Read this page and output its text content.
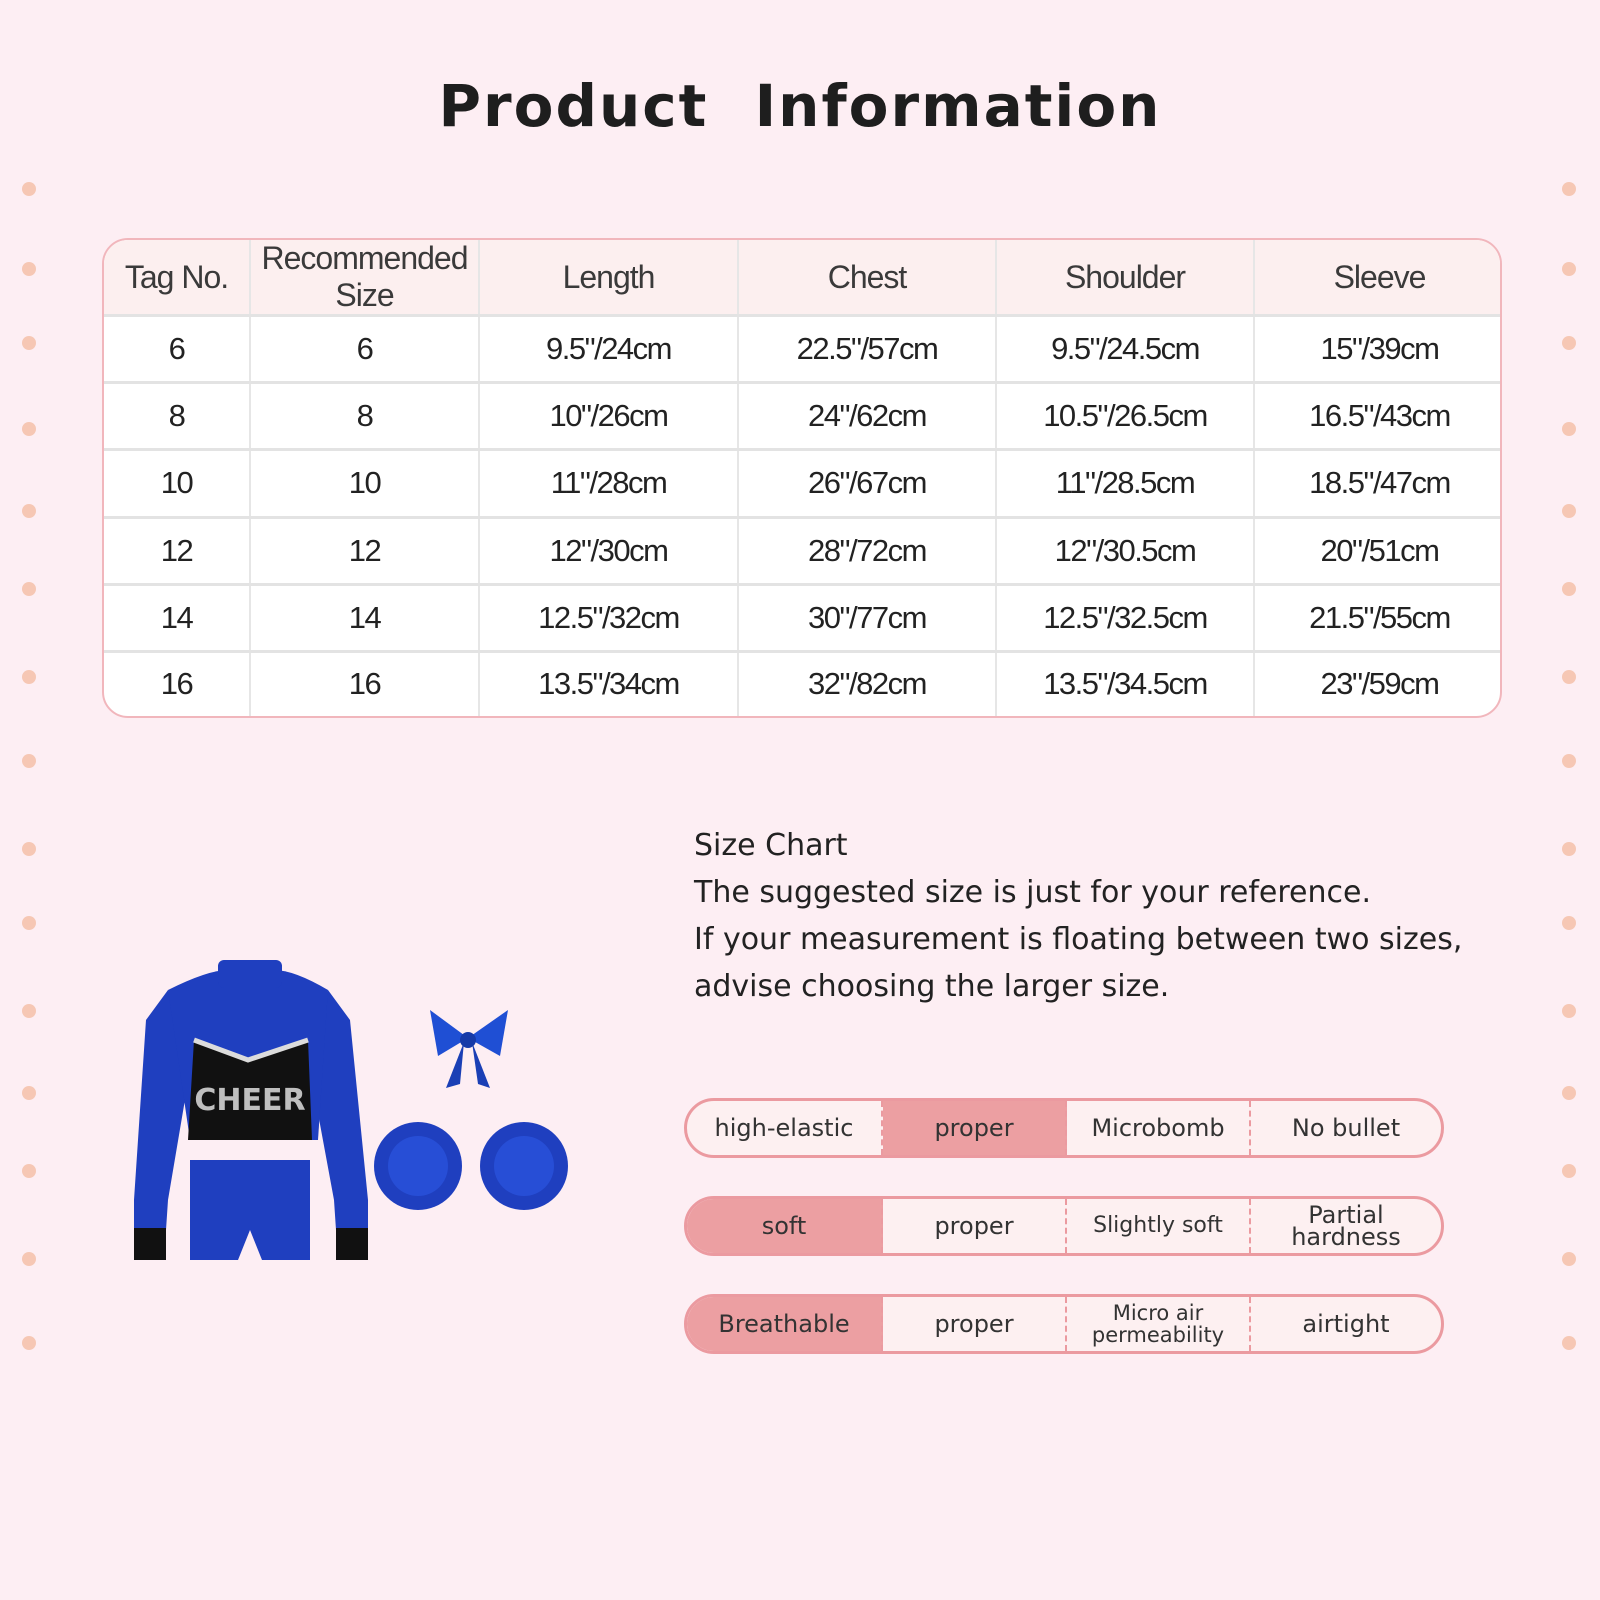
Product Information
Tag No.	Recommended Size	Length	Chest	Shoulder	Sleeve
6	6	9.5"/24cm	22.5"/57cm	9.5"/24.5cm	15"/39cm
8	8	10"/26cm	24"/62cm	10.5"/26.5cm	16.5"/43cm
10	10	11"/28cm	26"/67cm	11"/28.5cm	18.5"/47cm
12	12	12"/30cm	28"/72cm	12"/30.5cm	20"/51cm
14	14	12.5"/32cm	30"/77cm	12.5"/32.5cm	21.5"/55cm
16	16	13.5"/34cm	32"/82cm	13.5"/34.5cm	23"/59cm
Size Chart
The suggested size is just for your reference.
If your measurement is floating between two sizes,
advise choosing the larger size.
CHEER
high-elastic	proper	Microbomb	No bullet
soft	proper	Slightly soft	Partial hardness
Breathable	proper	Micro air permeability	airtight
